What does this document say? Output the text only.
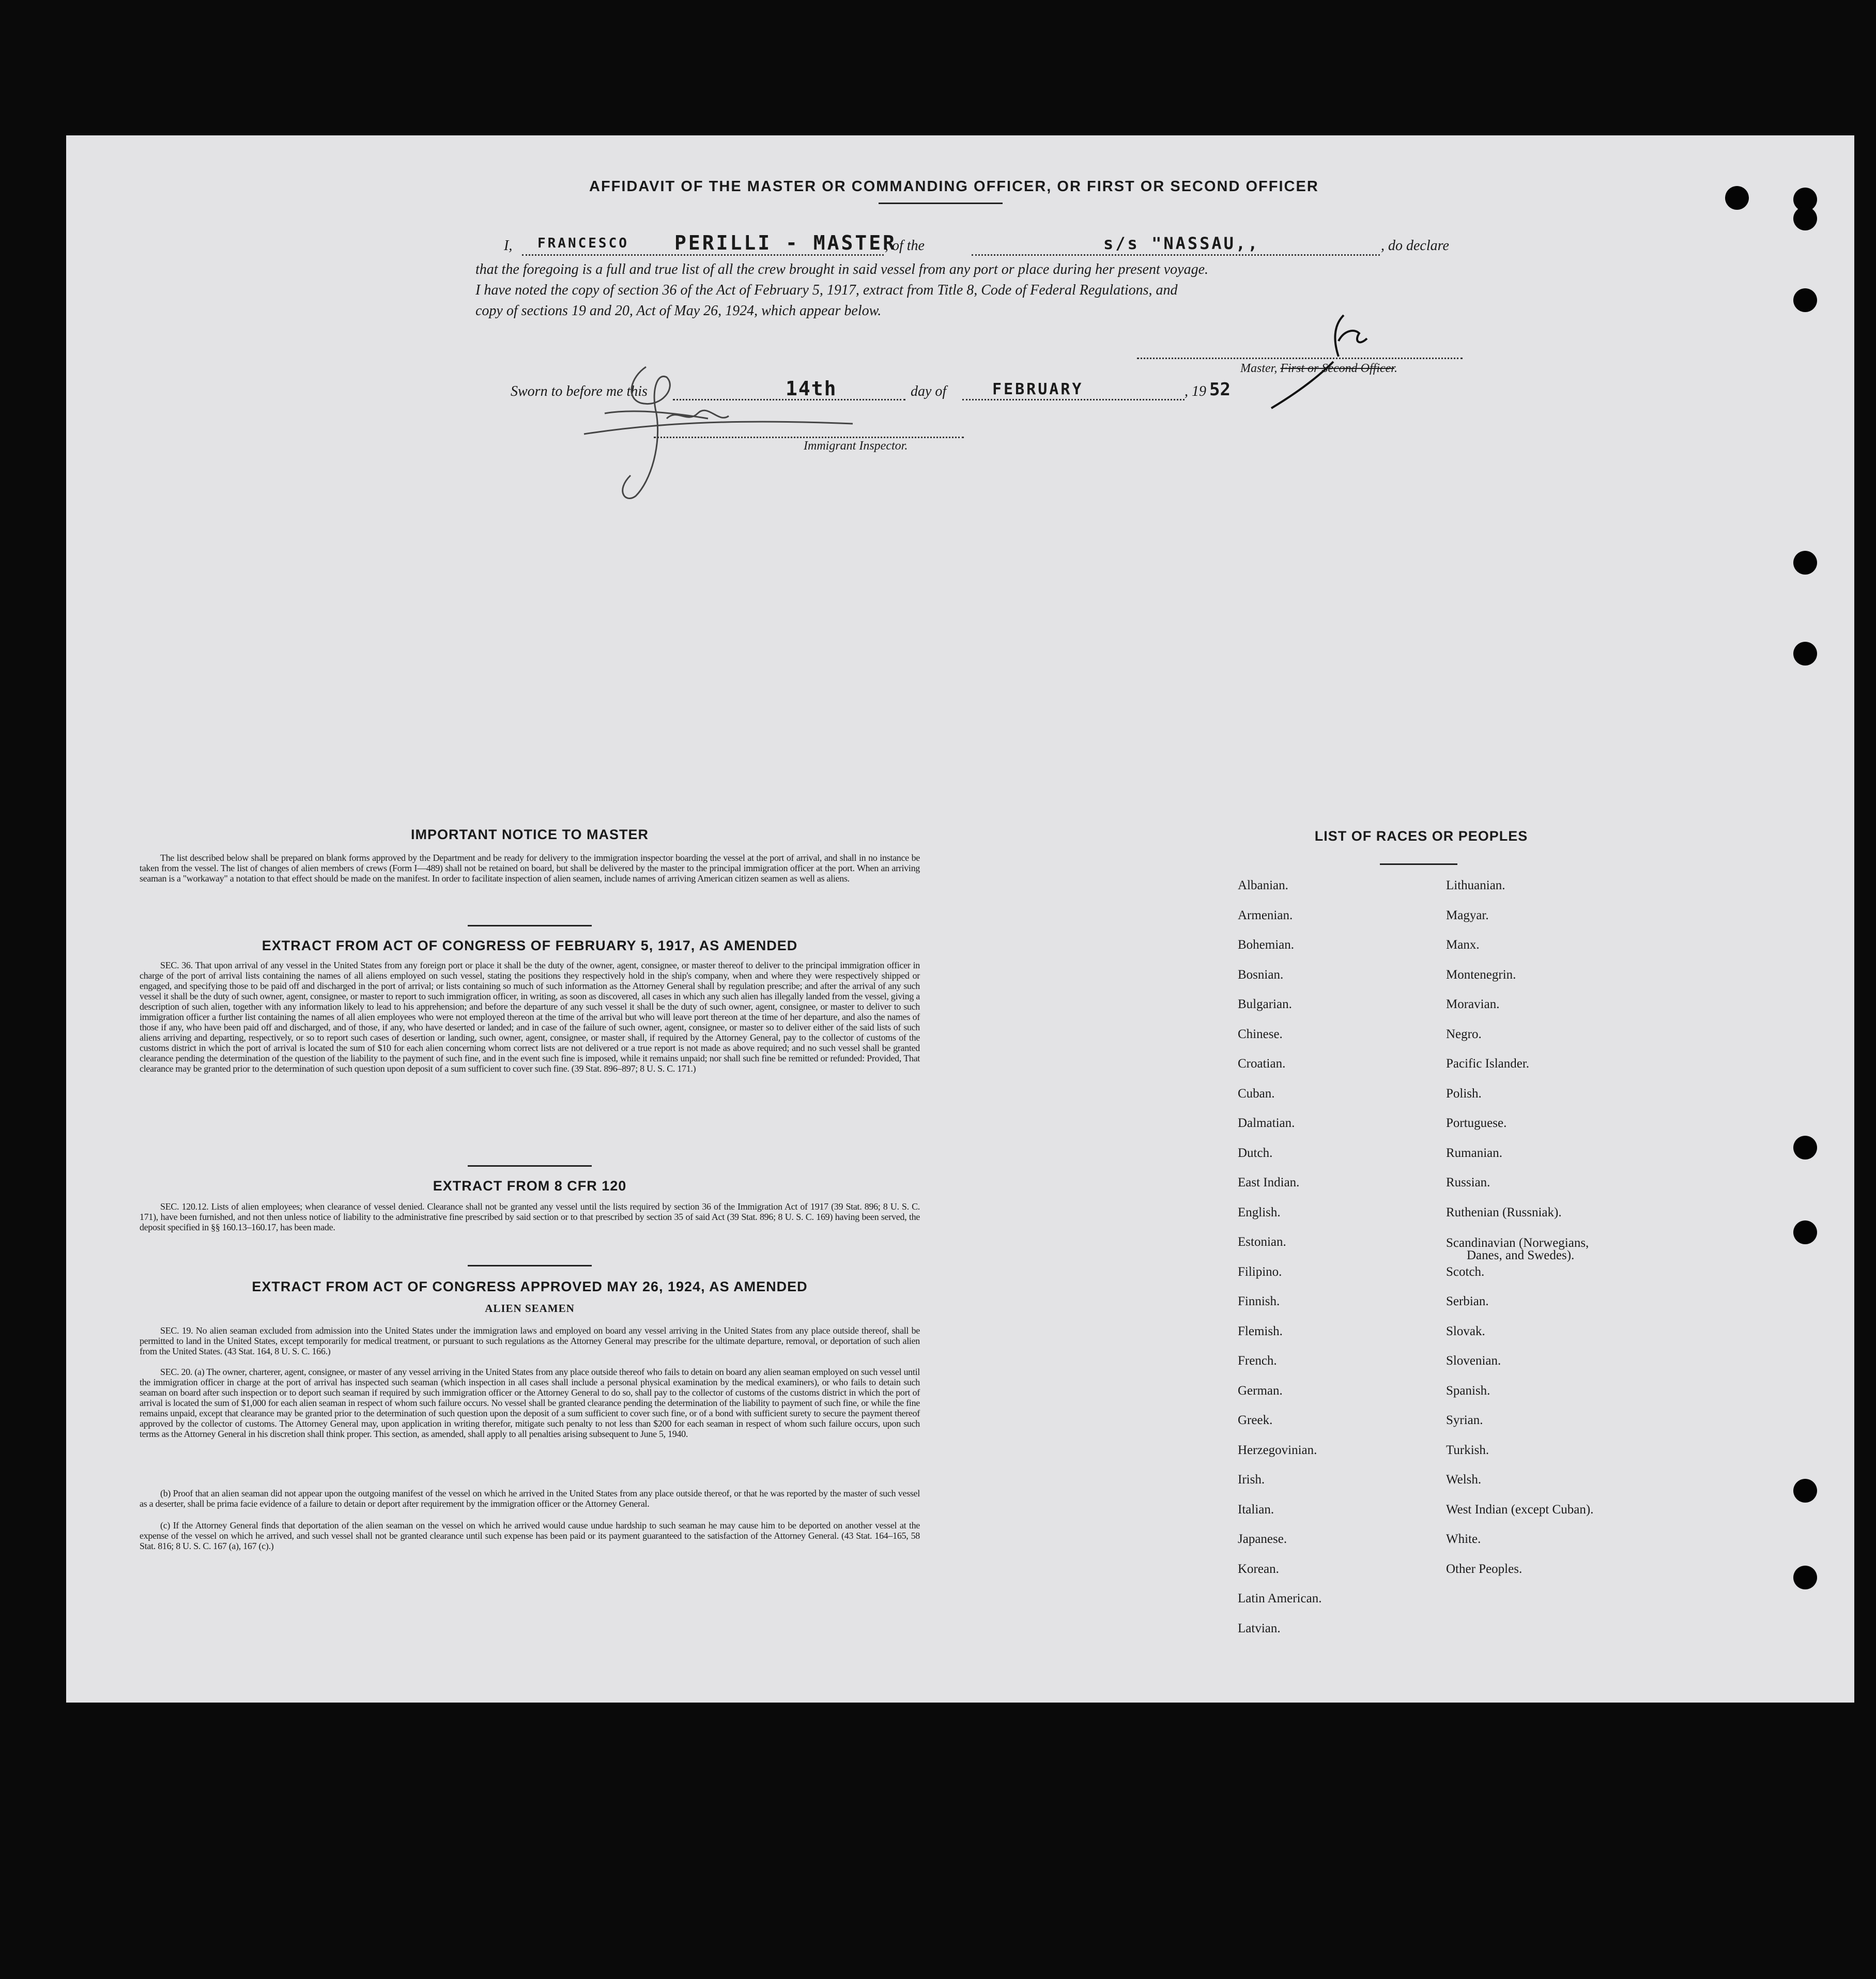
AFFIDAVIT OF THE MASTER OR COMMANDING OFFICER, OR FIRST OR SECOND OFFICER
I, FRANCESCO PERILLI - MASTER
, of the	s/s "NASSAU,,	, do declare
that the foregoing is a full and true list of all the crew brought in said vessel from any port or place during her present voyage.
I have noted the copy of section 36 of the Act of February 5, 1917, extract from Title 8, Code of Federal Regulations, and
copy of sections 19 and 20, Act of May 26, 1924, which appear below.
Master, First or Second Officer.
Sworn to before me this	14th	day of	FEBRUARY	, 19 52
Immigrant Inspector.
IMPORTANT NOTICE TO MASTER
The list described below shall be prepared on blank forms approved by the Department and be ready for delivery to the immigration inspector boarding the vessel at the port of arrival, and shall in no instance be taken from the vessel. The list of changes of alien members of crews (Form I—489) shall not be retained on board, but shall be delivered by the master to the principal immigration officer at the port. When an arriving seaman is a "workaway" a notation to that effect should be made on the manifest. In order to facilitate inspection of alien seamen, include names of arriving American citizen seamen as well as aliens.
EXTRACT FROM ACT OF CONGRESS OF FEBRUARY 5, 1917, AS AMENDED
SEC. 36. That upon arrival of any vessel in the United States from any foreign port or place it shall be the duty of the owner, agent, consignee, or master thereof to deliver to the principal immigration officer in charge of the port of arrival lists containing the names of all aliens employed on such vessel, stating the positions they respectively hold in the ship's company, when and where they were respectively shipped or engaged, and specifying those to be paid off and discharged in the port of arrival; or lists containing so much of such information as the Attorney General shall by regulation prescribe; and after the arrival of any such vessel it shall be the duty of such owner, agent, consignee, or master to report to such immigration officer, in writing, as soon as discovered, all cases in which any such alien has illegally landed from the vessel, giving a description of such alien, together with any information likely to lead to his apprehension; and before the departure of any such vessel it shall be the duty of such owner, agent, consignee, or master to deliver to such immigration officer a further list containing the names of all alien employees who were not employed thereon at the time of the arrival but who will leave port thereon at the time of her departure, and also the names of those if any, who have been paid off and discharged, and of those, if any, who have deserted or landed; and in case of the failure of such owner, agent, consignee, or master so to deliver either of the said lists of such aliens arriving and departing, respectively, or so to report such cases of desertion or landing, such owner, agent, consignee, or master shall, if required by the Attorney General, pay to the collector of customs of the customs district in which the port of arrival is located the sum of $10 for each alien concerning whom correct lists are not delivered or a true report is not made as above required; and no such vessel shall be granted clearance pending the determination of the question of the liability to the payment of such fine, and in the event such fine is imposed, while it remains unpaid; nor shall such fine be remitted or refunded: Provided, That clearance may be granted prior to the determination of such question upon deposit of a sum sufficient to cover such fine. (39 Stat. 896–897; 8 U. S. C. 171.)
EXTRACT FROM 8 CFR 120
SEC. 120.12. Lists of alien employees; when clearance of vessel denied. Clearance shall not be granted any vessel until the lists required by section 36 of the Immigration Act of 1917 (39 Stat. 896; 8 U. S. C. 171), have been furnished, and not then unless notice of liability to the administrative fine prescribed by said section or to that prescribed by section 35 of said Act (39 Stat. 896; 8 U. S. C. 169) having been served, the deposit specified in §§ 160.13–160.17, has been made.
EXTRACT FROM ACT OF CONGRESS APPROVED MAY 26, 1924, AS AMENDED
ALIEN SEAMEN
SEC. 19. No alien seaman excluded from admission into the United States under the immigration laws and employed on board any vessel arriving in the United States from any place outside thereof, shall be permitted to land in the United States, except temporarily for medical treatment, or pursuant to such regulations as the Attorney General may prescribe for the ultimate departure, removal, or deportation of such alien from the United States. (43 Stat. 164, 8 U. S. C. 166.)
SEC. 20. (a) The owner, charterer, agent, consignee, or master of any vessel arriving in the United States from any place outside thereof who fails to detain on board any alien seaman employed on such vessel until the immigration officer in charge at the port of arrival has inspected such seaman (which inspection in all cases shall include a personal physical examination by the medical examiners), or who fails to detain such seaman on board after such inspection or to deport such seaman if required by such immigration officer or the Attorney General to do so, shall pay to the collector of customs of the customs district in which the port of arrival is located the sum of $1,000 for each alien seaman in respect of whom such failure occurs. No vessel shall be granted clearance pending the determination of the liability to payment of such fine, or while the fine remains unpaid, except that clearance may be granted prior to the determination of such question upon the deposit of a sum sufficient to cover such fine, or of a bond with sufficient surety to secure the payment thereof approved by the collector of customs. The Attorney General may, upon application in writing therefor, mitigate such penalty to not less than $200 for each seaman in respect of whom such failure occurs, upon such terms as the Attorney General in his discretion shall think proper. This section, as amended, shall apply to all penalties arising subsequent to June 5, 1940.
(b) Proof that an alien seaman did not appear upon the outgoing manifest of the vessel on which he arrived in the United States from any place outside thereof, or that he was reported by the master of such vessel as a deserter, shall be prima facie evidence of a failure to detain or deport after requirement by the immigration officer or the Attorney General.
(c) If the Attorney General finds that deportation of the alien seaman on the vessel on which he arrived would cause undue hardship to such seaman he may cause him to be deported on another vessel at the expense of the vessel on which he arrived, and such vessel shall not be granted clearance until such expense has been paid or its payment guaranteed to the satisfaction of the Attorney General. (43 Stat. 164–165, 58 Stat. 816; 8 U. S. C. 167 (a), 167 (c).)
LIST OF RACES OR PEOPLES
Albanian.
Armenian.
Bohemian.
Bosnian.
Bulgarian.
Chinese.
Croatian.
Cuban.
Dalmatian.
Dutch.
East Indian.
English.
Estonian.
Filipino.
Finnish.
Flemish.
French.
German.
Greek.
Herzegovinian.
Irish.
Italian.
Japanese.
Korean.
Latin American.
Latvian.
Lithuanian.
Magyar.
Manx.
Montenegrin.
Moravian.
Negro.
Pacific Islander.
Polish.
Portuguese.
Rumanian.
Russian.
Ruthenian (Russniak).
Scandinavian (Norwegians,
Danes, and Swedes).
Scotch.
Serbian.
Slovak.
Slovenian.
Spanish.
Syrian.
Turkish.
Welsh.
West Indian (except Cuban).
White.
Other Peoples.
